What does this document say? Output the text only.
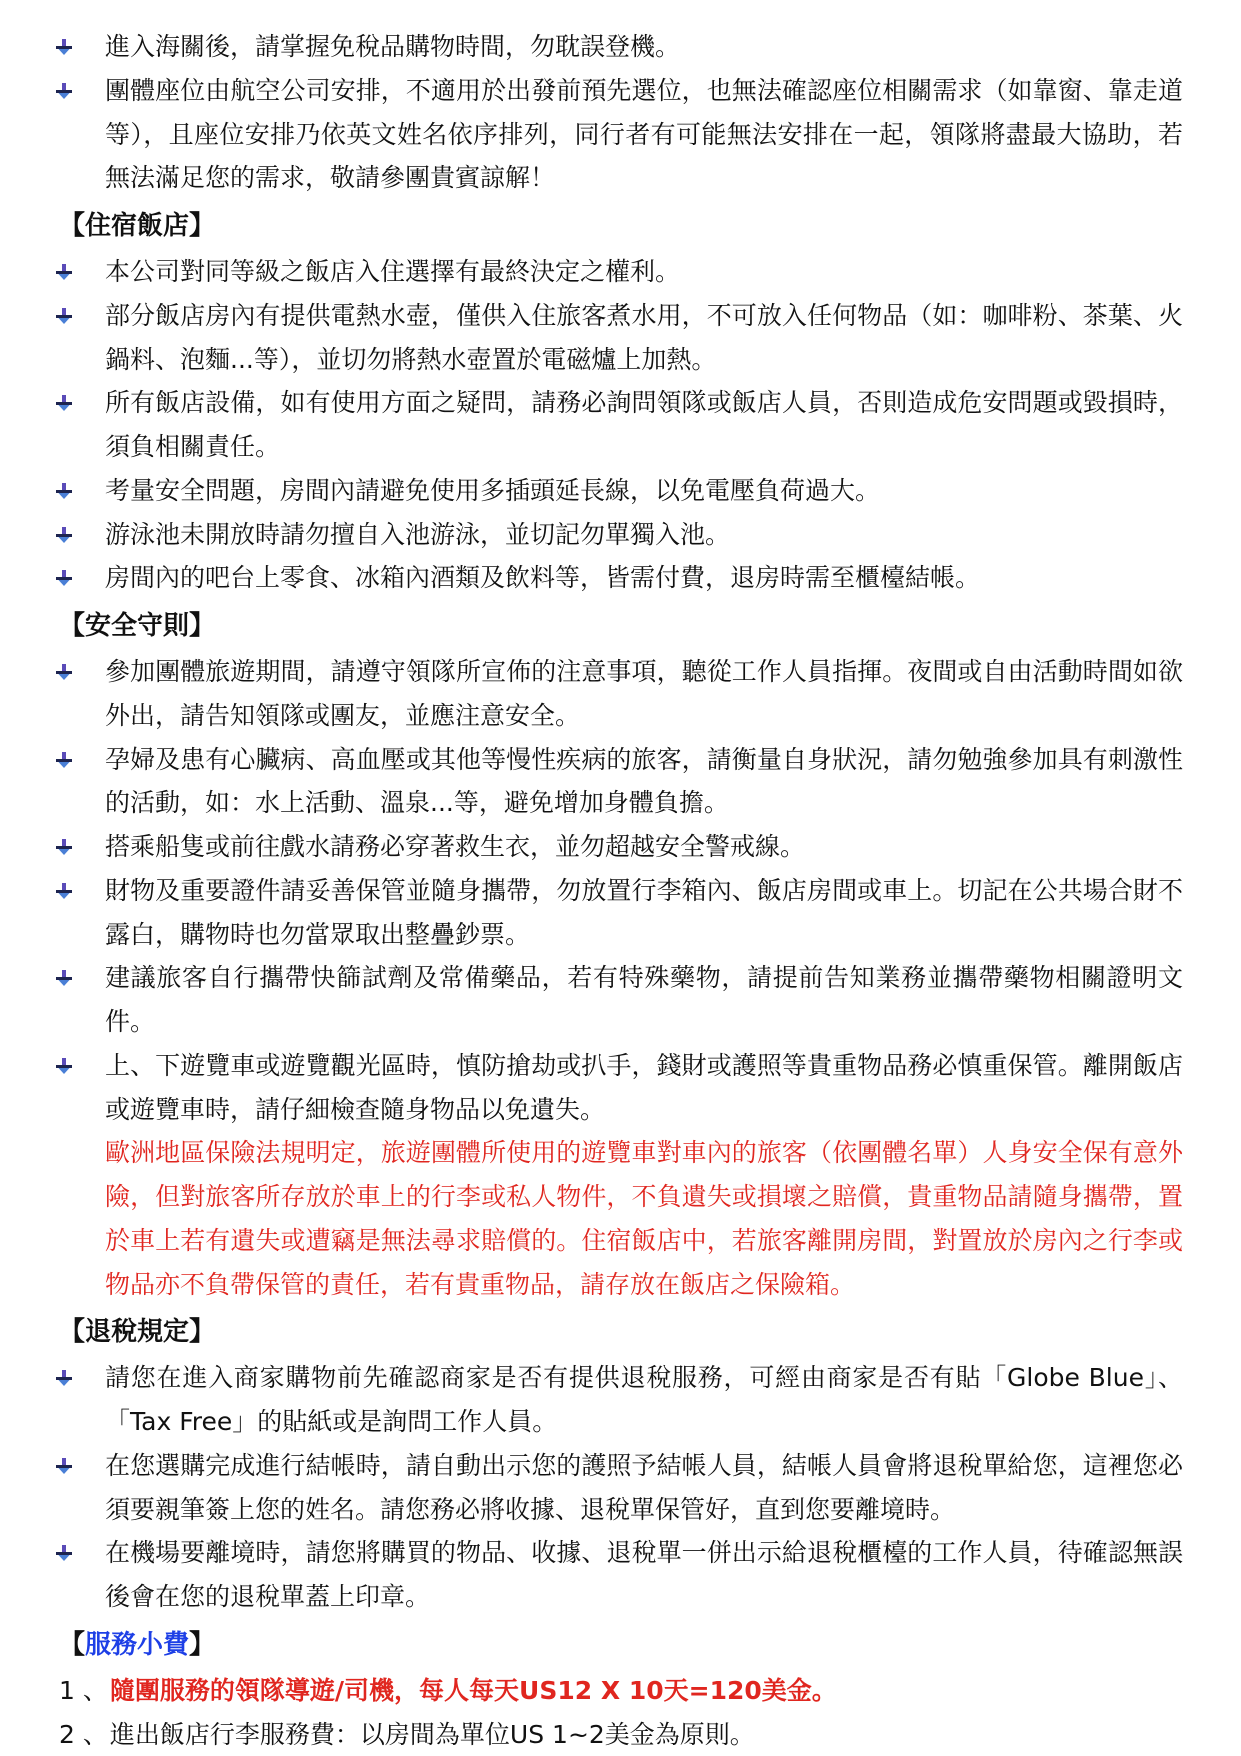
進入海關後，請掌握免稅品購物時間，勿耽誤登機。

團體座位由航空公司安排，不適用於出發前預先選位，也無法確認座位相關需求（如靠窗、靠走道等），且座位安排乃依英文姓名依序排列，同行者有可能無法安排在一起，領隊將盡最大協助，若無法滿足您的需求，敬請參團貴賓諒解！

【住宿飯店】

本公司對同等級之飯店入住選擇有最終決定之權利。

部分飯店房內有提供電熱水壺，僅供入住旅客煮水用，不可放入任何物品（如：咖啡粉、茶葉、火鍋料、泡麵...等），並切勿將熱水壺置於電磁爐上加熱。

所有飯店設備，如有使用方面之疑問，請務必詢問領隊或飯店人員，否則造成危安問題或毀損時，須負相關責任。

考量安全問題，房間內請避免使用多插頭延長線，以免電壓負荷過大。

游泳池未開放時請勿擅自入池游泳，並切記勿單獨入池。

房間內的吧台上零食、冰箱內酒類及飲料等，皆需付費，退房時需至櫃檯結帳。

【安全守則】

參加團體旅遊期間，請遵守領隊所宣佈的注意事項，聽從工作人員指揮。夜間或自由活動時間如欲外出，請告知領隊或團友，並應注意安全。

孕婦及患有心臟病、高血壓或其他等慢性疾病的旅客，請衡量自身狀況，請勿勉強參加具有刺激性的活動，如：水上活動、溫泉...等，避免增加身體負擔。

搭乘船隻或前往戲水請務必穿著救生衣，並勿超越安全警戒線。

財物及重要證件請妥善保管並隨身攜帶，勿放置行李箱內、飯店房間或車上。切記在公共場合財不露白，購物時也勿當眾取出整疊鈔票。

建議旅客自行攜帶快篩試劑及常備藥品，若有特殊藥物，請提前告知業務並攜帶藥物相關證明文件。

上、下遊覽車或遊覽觀光區時，慎防搶劫或扒手，錢財或護照等貴重物品務必慎重保管。離開飯店或遊覽車時，請仔細檢查隨身物品以免遺失。

歐洲地區保險法規明定，旅遊團體所使用的遊覽車對車內的旅客（依團體名單）人身安全保有意外險，但對旅客所存放於車上的行李或私人物件，不負遺失或損壞之賠償，貴重物品請隨身攜帶，置於車上若有遺失或遭竊是無法尋求賠償的。住宿飯店中，若旅客離開房間，對置放於房內之行李或物品亦不負帶保管的責任，若有貴重物品，請存放在飯店之保險箱。

【退稅規定】

請您在進入商家購物前先確認商家是否有提供退稅服務，可經由商家是否有貼「Globe Blue」、「Tax Free」的貼紙或是詢問工作人員。

在您選購完成進行結帳時，請自動出示您的護照予結帳人員，結帳人員會將退稅單給您，這裡您必須要親筆簽上您的姓名。請您務必將收據、退稅單保管好，直到您要離境時。

在機場要離境時，請您將購買的物品、收據、退稅單一併出示給退稅櫃檯的工作人員，待確認無誤後會在您的退稅單蓋上印章。

【服務小費】
1 、隨團服務的領隊導遊/司機，每人每天US12 X 10天=120美金。
2 、進出飯店行李服務費：以房間為單位US 1~2美金為原則。
